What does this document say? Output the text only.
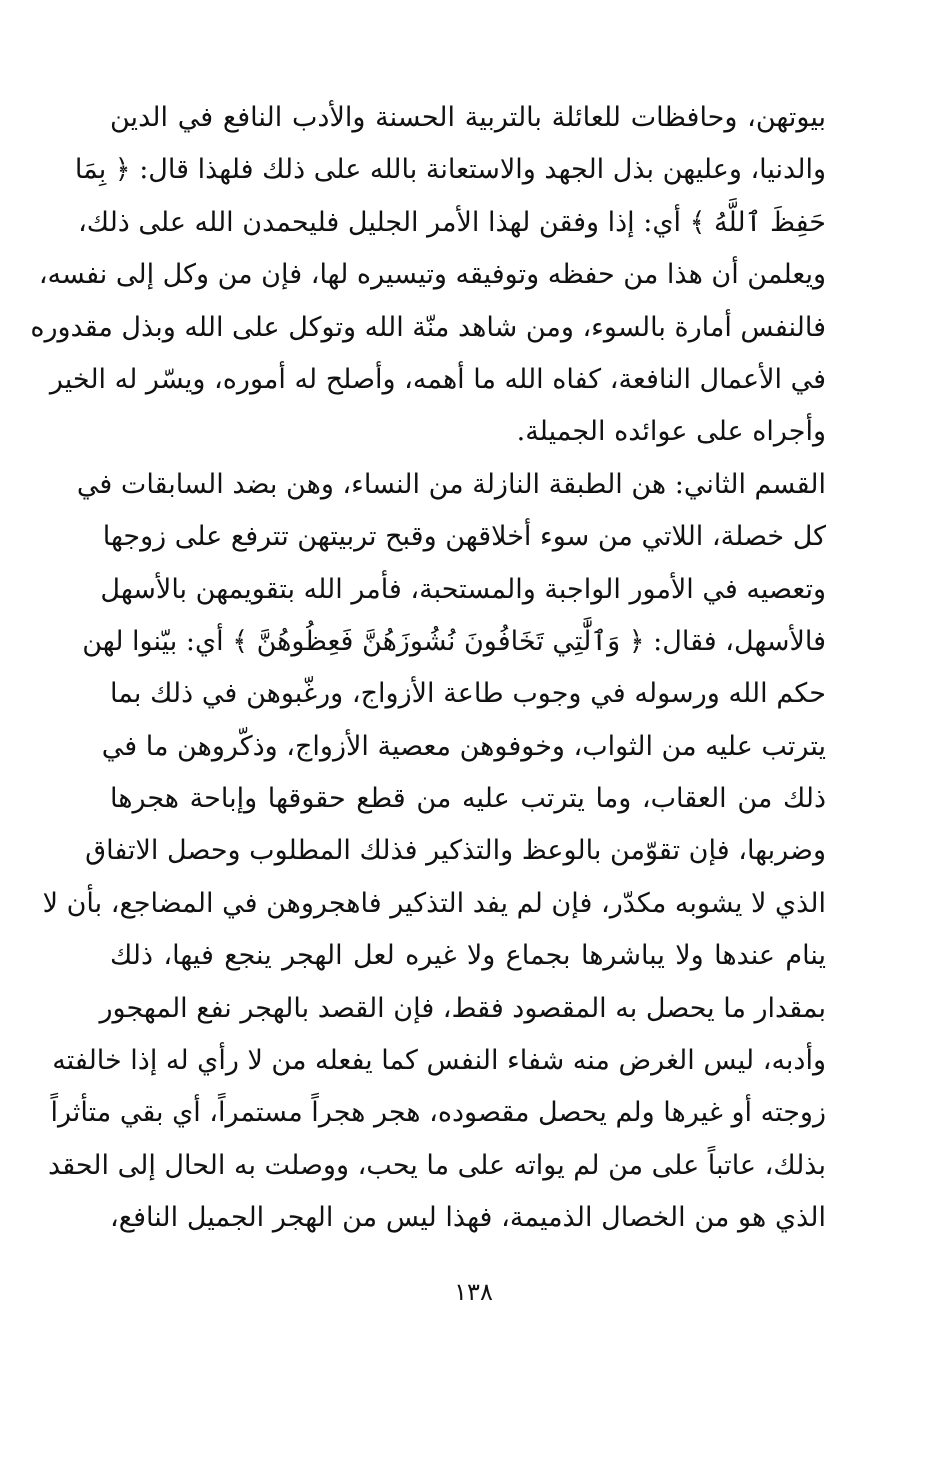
بيوتهن، وحافظات للعائلة بالتربية الحسنة والأدب النافع في الدين
والدنيا، وعليهن بذل الجهد والاستعانة بالله على ذلك فلهذا قال: ﴿ بِمَا
حَفِظَ ٱللَّهُ ﴾ أي: إذا وفقن لهذا الأمر الجليل فليحمدن الله على ذلك،
ويعلمن أن هذا من حفظه وتوفيقه وتيسيره لها، فإن من وكل إلى نفسه،
فالنفس أمارة بالسوء، ومن شاهد منّة الله وتوكل على الله وبذل مقدوره
في الأعمال النافعة، كفاه الله ما أهمه، وأصلح له أموره، ويسّر له الخير
وأجراه على عوائده الجميلة.
القسم الثاني: هن الطبقة النازلة من النساء، وهن بضد السابقات في
كل خصلة، اللاتي من سوء أخلاقهن وقبح تربيتهن تترفع على زوجها
وتعصيه في الأمور الواجبة والمستحبة، فأمر الله بتقويمهن بالأسهل
فالأسهل، فقال: ﴿ وَٱلَّٰتِي تَخَافُونَ نُشُوزَهُنَّ فَعِظُوهُنَّ ﴾ أي: بيّنوا لهن
حكم الله ورسوله في وجوب طاعة الأزواج، ورغّبوهن في ذلك بما
يترتب عليه من الثواب، وخوفوهن معصية الأزواج، وذكّروهن ما في
ذلك من العقاب، وما يترتب عليه من قطع حقوقها وإباحة هجرها
وضربها، فإن تقوّمن بالوعظ والتذكير فذلك المطلوب وحصل الاتفاق
الذي لا يشوبه مكدّر، فإن لم يفد التذكير فاهجروهن في المضاجع، بأن لا
ينام عندها ولا يباشرها بجماع ولا غيره لعل الهجر ينجع فيها، ذلك
بمقدار ما يحصل به المقصود فقط، فإن القصد بالهجر نفع المهجور
وأدبه، ليس الغرض منه شفاء النفس كما يفعله من لا رأي له إذا خالفته
زوجته أو غيرها ولم يحصل مقصوده، هجر هجراً مستمراً، أي بقي متأثراً
بذلك، عاتباً على من لم يواته على ما يحب، ووصلت به الحال إلى الحقد
الذي هو من الخصال الذميمة، فهذا ليس من الهجر الجميل النافع،
١٣٨
